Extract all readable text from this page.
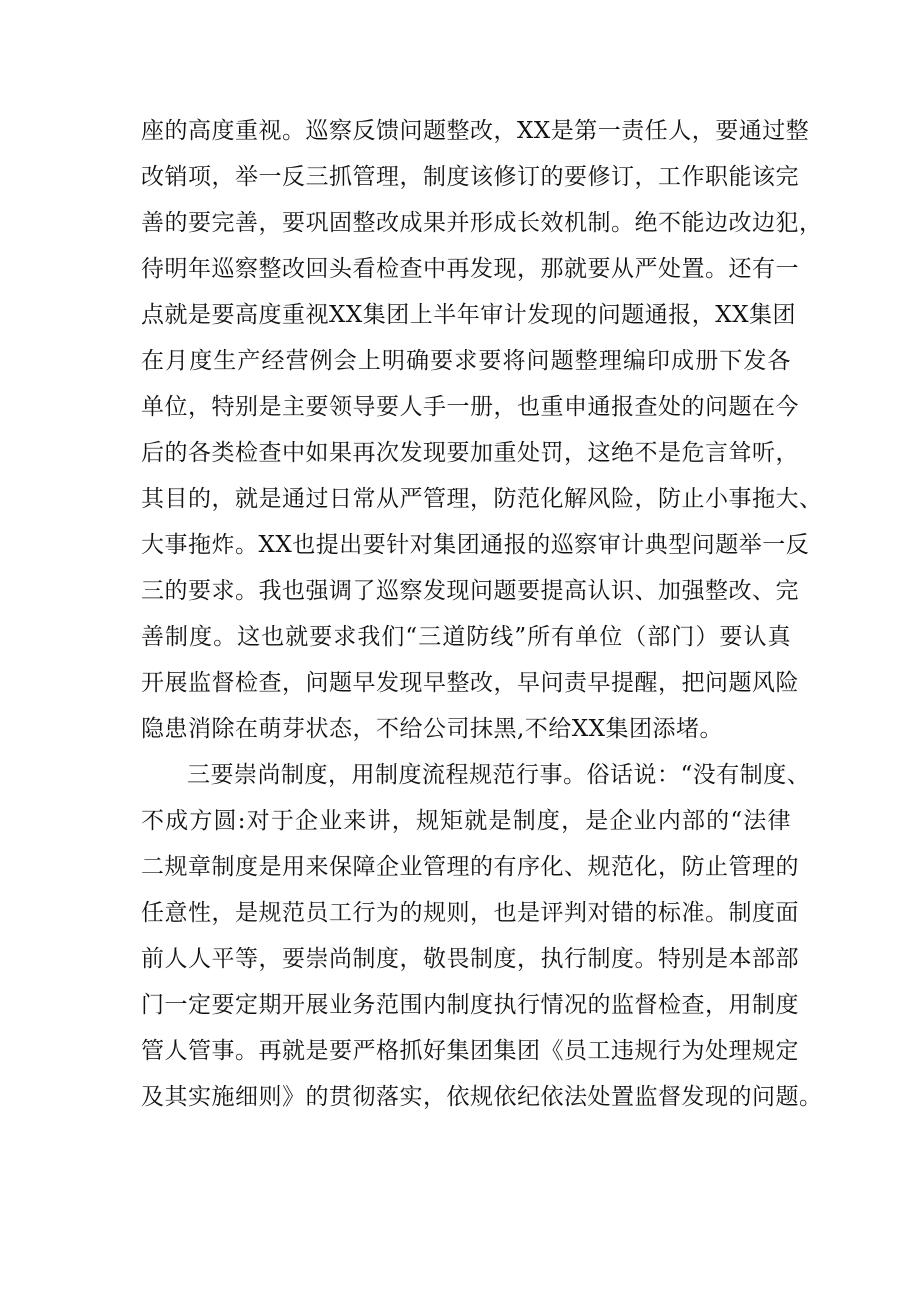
座的高度重视。巡察反馈问题整改，XX是第一责任人，要通过整
改销项，举一反三抓管理，制度该修订的要修订，工作职能该完
善的要完善，要巩固整改成果并形成长效机制。绝不能边改边犯，
待明年巡察整改回头看检查中再发现，那就要从严处置。还有一
点就是要高度重视XX集团上半年审计发现的问题通报，XX集团
在月度生产经营例会上明确要求要将问题整理编印成册下发各
单位，特别是主要领导要人手一册，也重申通报查处的问题在今
后的各类检查中如果再次发现要加重处罚，这绝不是危言耸听，
其目的，就是通过日常从严管理，防范化解风险，防止小事拖大、
大事拖炸。XX也提出要针对集团通报的巡察审计典型问题举一反
三的要求。我也强调了巡察发现问题要提高认识、加强整改、完
善制度。这也就要求我们“三道防线”所有单位（部门）要认真
开展监督检查，问题早发现早整改，早问责早提醒，把问题风险
隐患消除在萌芽状态，不给公司抹黑,不给XX集团添堵。
三要崇尚制度，用制度流程规范行事。俗话说：“没有制度、
不成方圆:对于企业来讲，规矩就是制度，是企业内部的“法律
二规章制度是用来保障企业管理的有序化、规范化，防止管理的
任意性，是规范员工行为的规则，也是评判对错的标准。制度面
前人人平等，要崇尚制度，敬畏制度，执行制度。特别是本部部
门一定要定期开展业务范围内制度执行情况的监督检查，用制度
管人管事。再就是要严格抓好集团集团《员工违规行为处理规定
及其实施细则》的贯彻落实，依规依纪依法处置监督发现的问题。
